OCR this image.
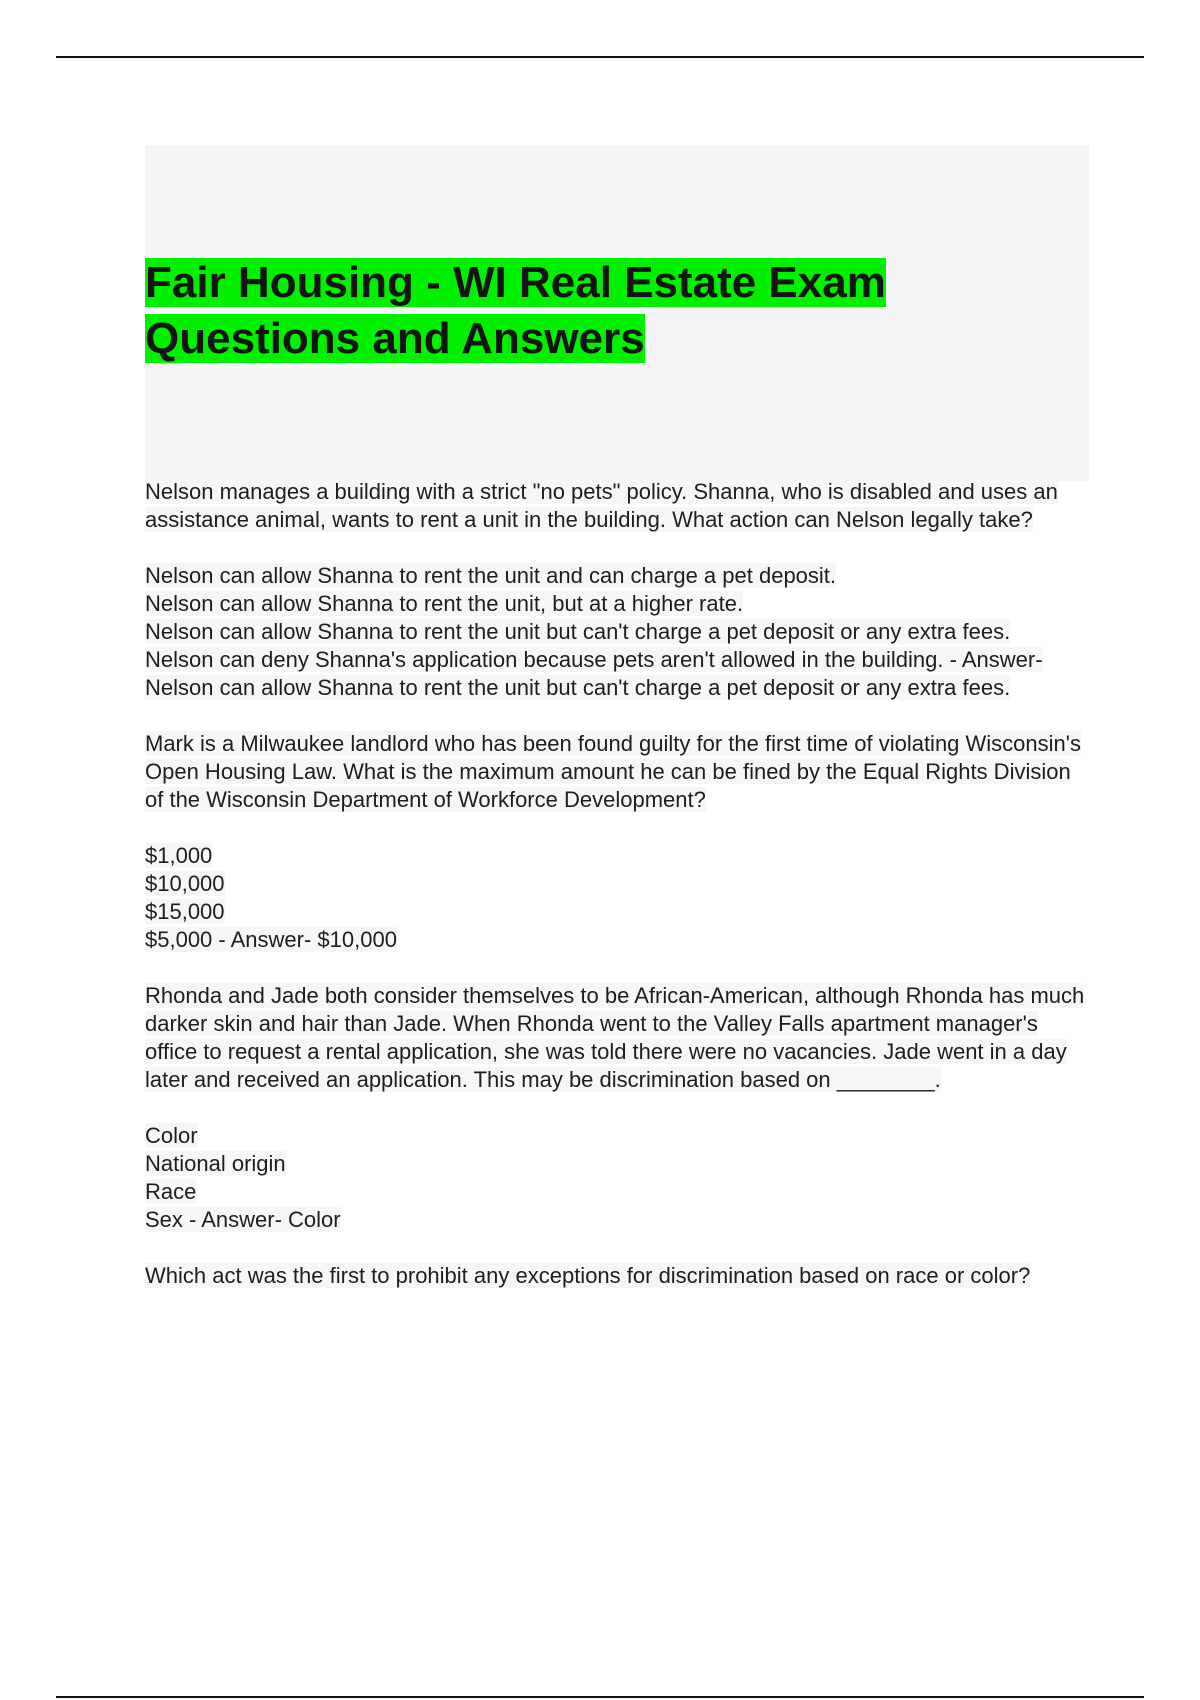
Fair Housing - WI Real Estate Exam
Questions and Answers

Nelson manages a building with a strict "no pets" policy. Shanna, who is disabled and uses an assistance animal, wants to rent a unit in the building. What action can Nelson legally take?

Nelson can allow Shanna to rent the unit and can charge a pet deposit.
Nelson can allow Shanna to rent the unit, but at a higher rate.
Nelson can allow Shanna to rent the unit but can't charge a pet deposit or any extra fees.
Nelson can deny Shanna's application because pets aren't allowed in the building. - Answer- Nelson can allow Shanna to rent the unit but can't charge a pet deposit or any extra fees.

Mark is a Milwaukee landlord who has been found guilty for the first time of violating Wisconsin's Open Housing Law. What is the maximum amount he can be fined by the Equal Rights Division of the Wisconsin Department of Workforce Development?

$1,000
$10,000
$15,000
$5,000 - Answer- $10,000

Rhonda and Jade both consider themselves to be African-American, although Rhonda has much darker skin and hair than Jade. When Rhonda went to the Valley Falls apartment manager's office to request a rental application, she was told there were no vacancies. Jade went in a day later and received an application. This may be discrimination based on ________.

Color
National origin
Race
Sex - Answer- Color

Which act was the first to prohibit any exceptions for discrimination based on race or color?
